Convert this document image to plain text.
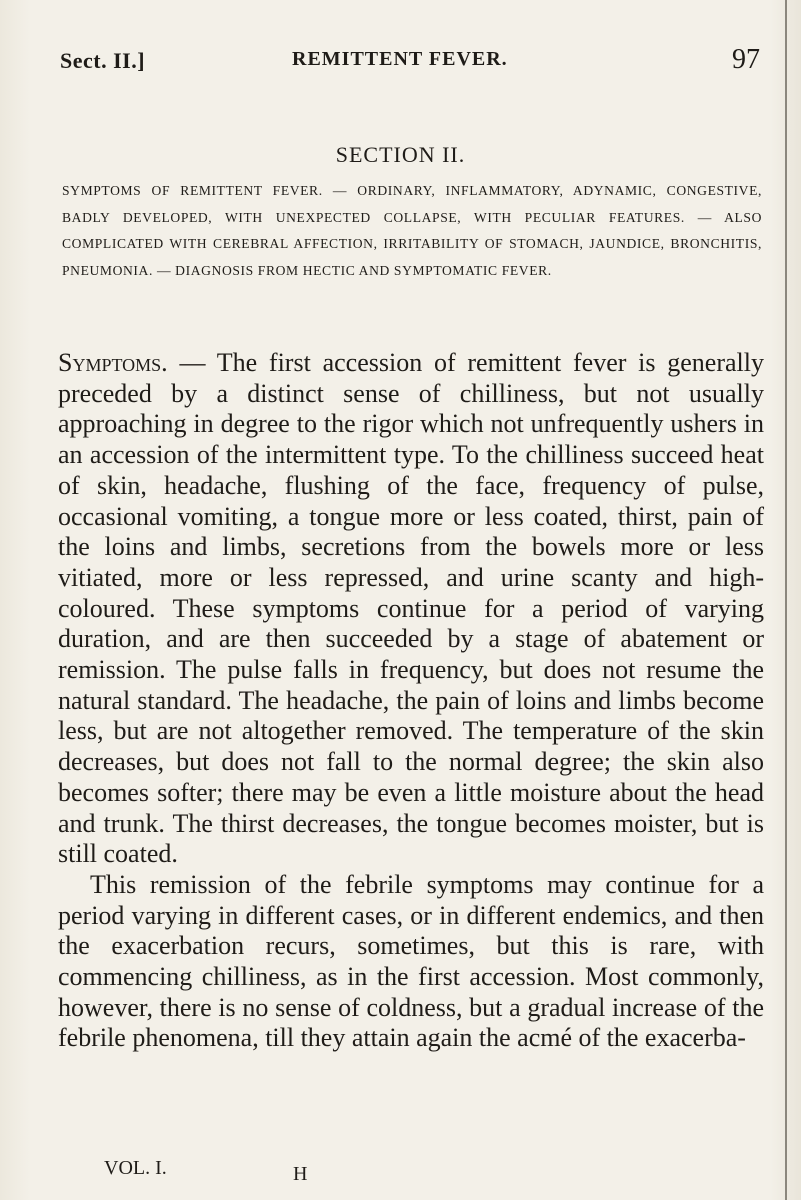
Sect. II.]	REMITTENT FEVER.	97
SECTION II.
SYMPTOMS OF REMITTENT FEVER. — ORDINARY, INFLAMMATORY, ADYNAMIC, CONGESTIVE, BADLY DEVELOPED, WITH UNEXPECTED COLLAPSE, WITH PECULIAR FEATURES. — ALSO COMPLICATED WITH CEREBRAL AFFECTION, IRRITABILITY OF STOMACH, JAUNDICE, BRONCHITIS, PNEUMONIA. — DIAGNOSIS FROM HECTIC AND SYMPTOMATIC FEVER.
Symptoms. — The first accession of remittent fever is generally preceded by a distinct sense of chilliness, but not usually approaching in degree to the rigor which not unfrequently ushers in an accession of the intermittent type. To the chilliness succeed heat of skin, headache, flushing of the face, frequency of pulse, occasional vomiting, a tongue more or less coated, thirst, pain of the loins and limbs, secretions from the bowels more or less vitiated, more or less repressed, and urine scanty and high-coloured. These symptoms continue for a period of varying duration, and are then succeeded by a stage of abatement or remission. The pulse falls in frequency, but does not resume the natural standard. The headache, the pain of loins and limbs become less, but are not altogether removed. The temperature of the skin decreases, but does not fall to the normal degree; the skin also becomes softer; there may be even a little moisture about the head and trunk. The thirst decreases, the tongue becomes moister, but is still coated.
This remission of the febrile symptoms may continue for a period varying in different cases, or in different endemics, and then the exacerbation recurs, sometimes, but this is rare, with commencing chilliness, as in the first accession. Most commonly, however, there is no sense of coldness, but a gradual increase of the febrile phenomena, till they attain again the acmé of the exacerba-
VOL. I.	H
